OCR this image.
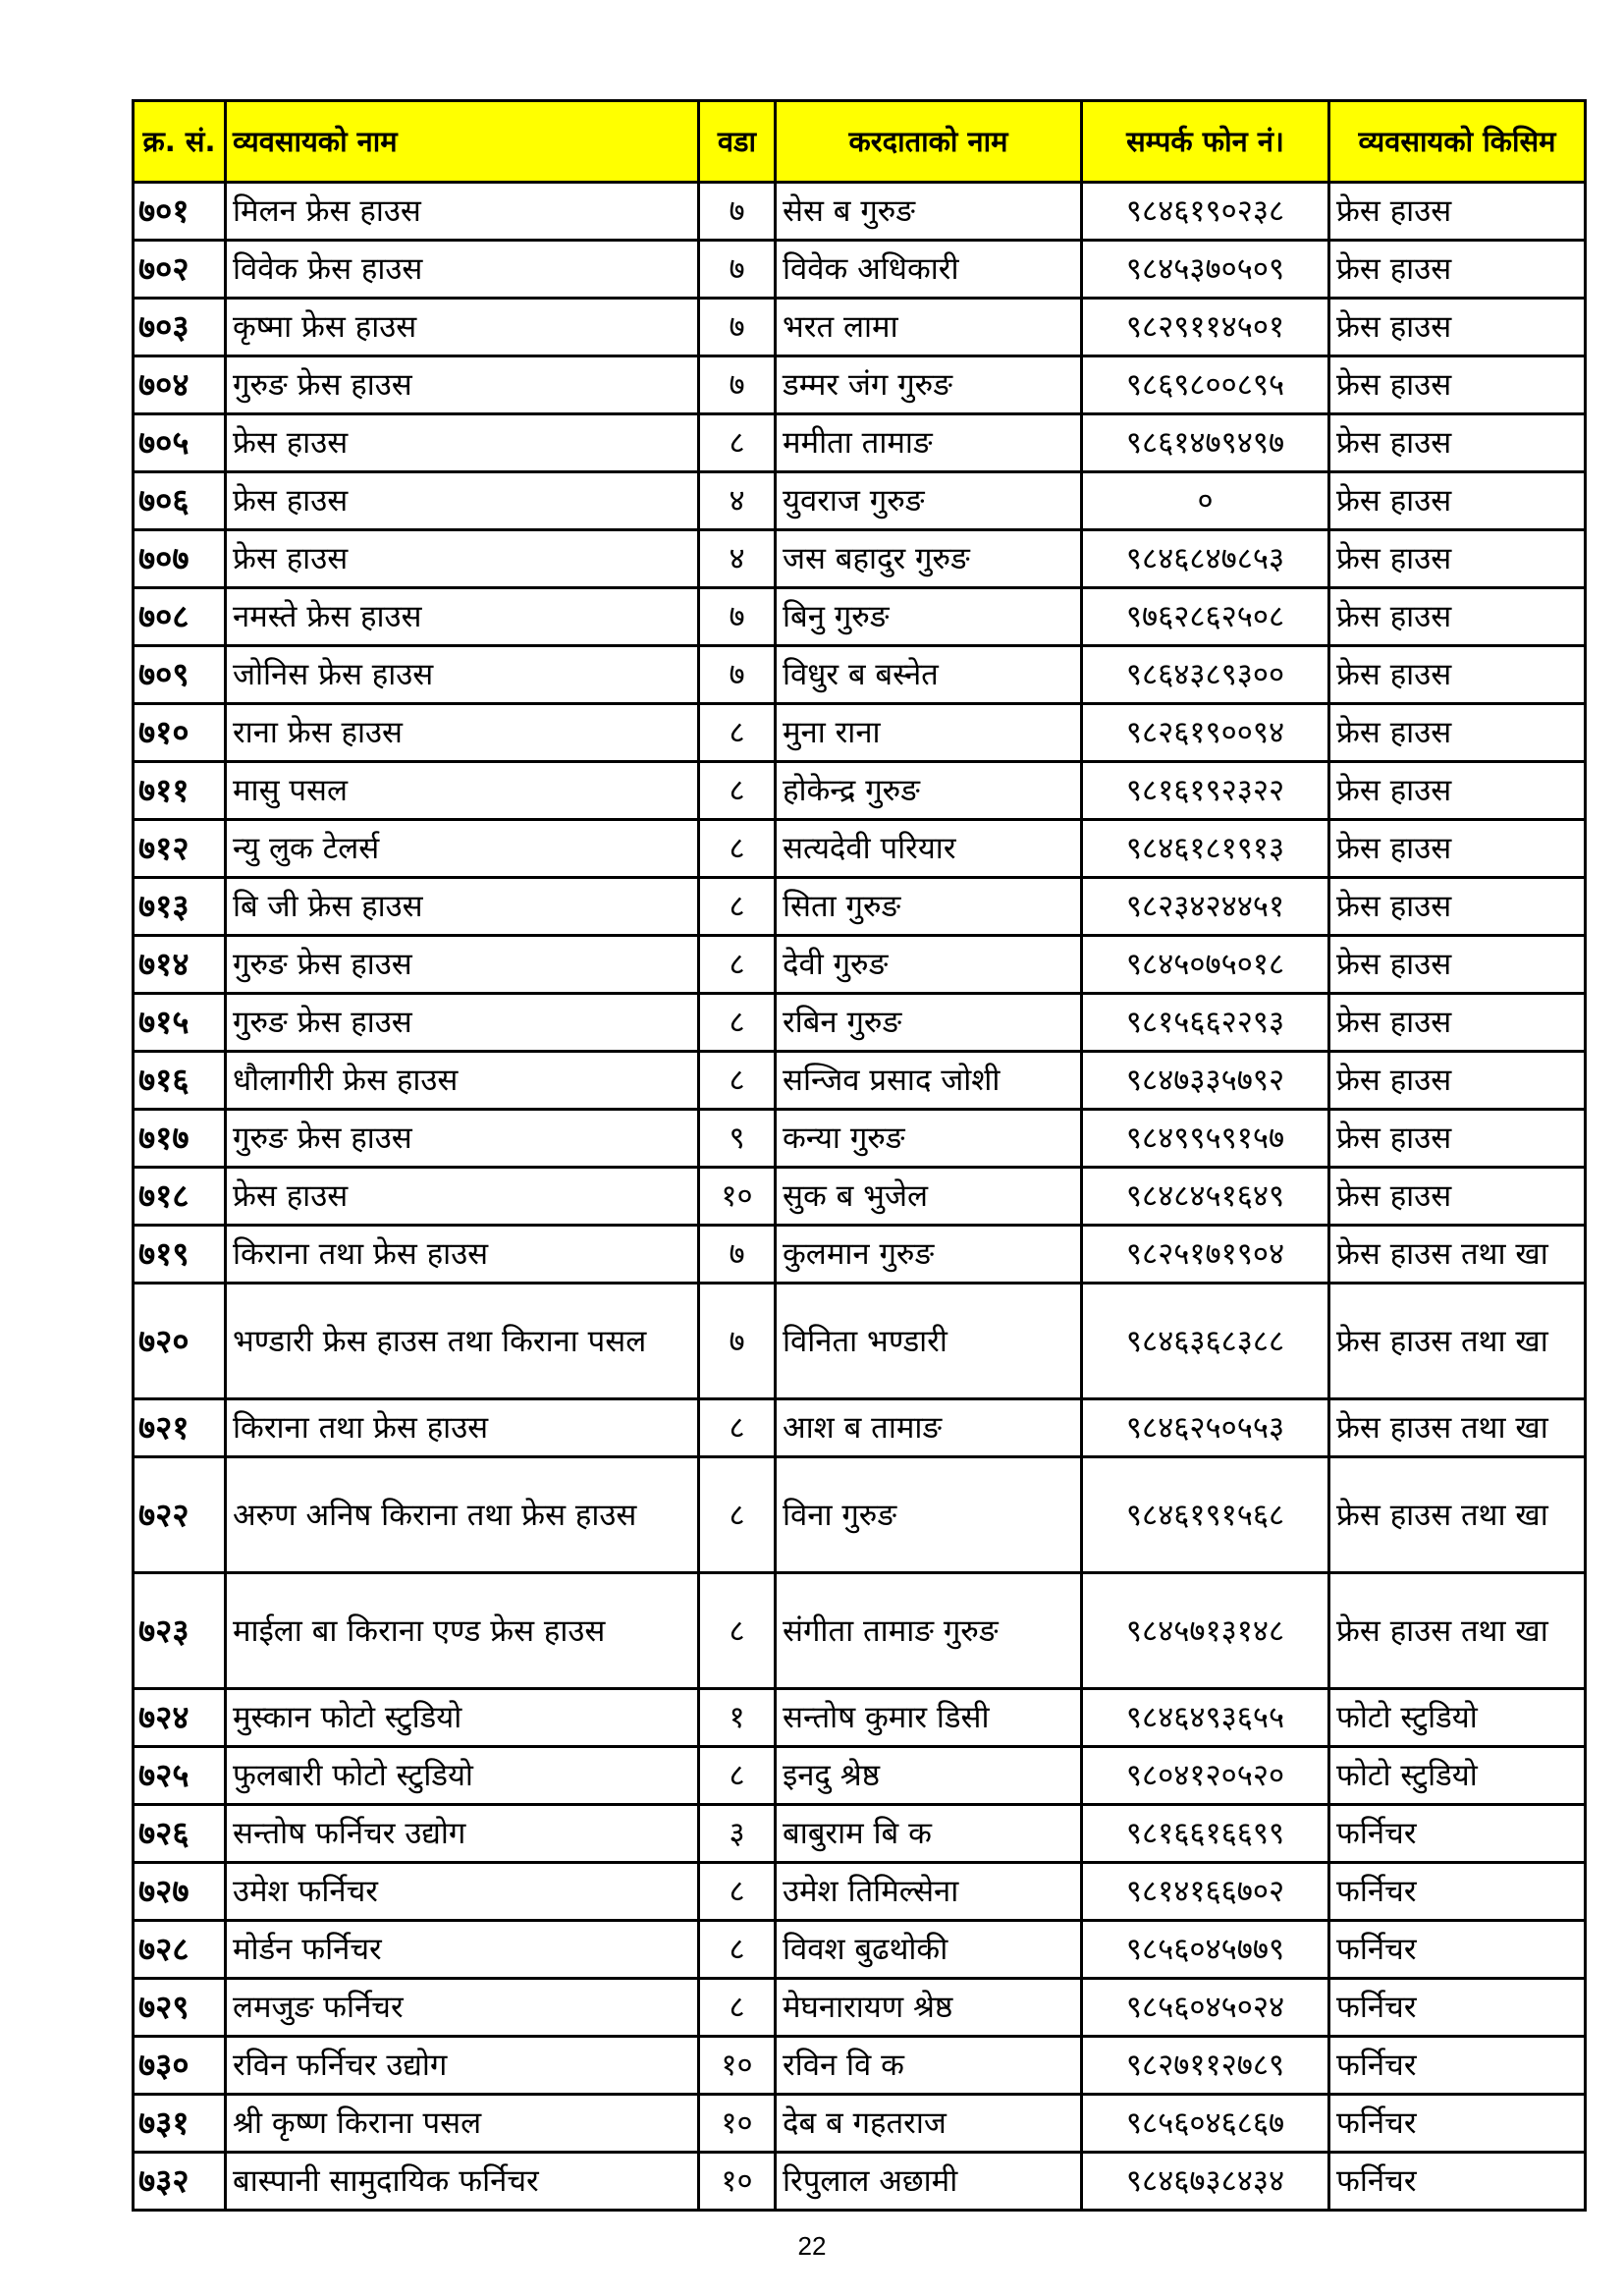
क्र. सं.	व्यवसायको नाम	वडा	करदाताको नाम	सम्पर्क फोन नं।	व्यवसायको किसिम
७०१	मिलन फ्रेस हाउस	७	सेस ब गुरुङ	९८४६१९०२३८	फ्रेस हाउस
७०२	विवेक फ्रेस हाउस	७	विवेक अधिकारी	९८४५३७०५०९	फ्रेस हाउस
७०३	कृष्मा फ्रेस हाउस	७	भरत लामा	९८२९११४५०१	फ्रेस हाउस
७०४	गुरुङ फ्रेस हाउस	७	डम्मर जंग गुरुङ	९८६९८००८९५	फ्रेस हाउस
७०५	फ्रेस हाउस	८	ममीता तामाङ	९८६१४७९४९७	फ्रेस हाउस
७०६	फ्रेस हाउस	४	युवराज गुरुङ	०	फ्रेस हाउस
७०७	फ्रेस हाउस	४	जस बहादुर गुरुङ	९८४६८४७८५३	फ्रेस हाउस
७०८	नमस्ते फ्रेस हाउस	७	बिनु गुरुङ	९७६२८६२५०८	फ्रेस हाउस
७०९	जोनिस फ्रेस हाउस	७	विधुर ब बस्नेत	९८६४३८९३००	फ्रेस हाउस
७१०	राना फ्रेस हाउस	८	मुना राना	९८२६१९००९४	फ्रेस हाउस
७११	मासु पसल	८	होकेन्द्र गुरुङ	९८१६१९२३२२	फ्रेस हाउस
७१२	न्यु लुक टेलर्स	८	सत्यदेवी परियार	९८४६१८१९१३	फ्रेस हाउस
७१३	बि जी फ्रेस हाउस	८	सिता गुरुङ	९८२३४२४४५१	फ्रेस हाउस
७१४	गुरुङ फ्रेस हाउस	८	देवी गुरुङ	९८४५०७५०१८	फ्रेस हाउस
७१५	गुरुङ फ्रेस हाउस	८	रबिन गुरुङ	९८१५६६२२९३	फ्रेस हाउस
७१६	धौलागीरी फ्रेस हाउस	८	सन्जिव प्रसाद जोशी	९८४७३३५७९२	फ्रेस हाउस
७१७	गुरुङ फ्रेस हाउस	९	कन्या गुरुङ	९८४९९५९१५७	फ्रेस हाउस
७१८	फ्रेस हाउस	१०	सुक ब भुजेल	९८४८४५१६४९	फ्रेस हाउस
७१९	किराना तथा फ्रेस हाउस	७	कुलमान गुरुङ	९८२५१७१९०४	फ्रेस हाउस तथा खा
७२०	भण्डारी फ्रेस हाउस तथा किराना पसल	७	विनिता भण्डारी	९८४६३६८३८८	फ्रेस हाउस तथा खा
७२१	किराना तथा फ्रेस हाउस	८	आश ब तामाङ	९८४६२५०५५३	फ्रेस हाउस तथा खा
७२२	अरुण अनिष किराना तथा फ्रेस हाउस	८	विना गुरुङ	९८४६१९१५६८	फ्रेस हाउस तथा खा
७२३	माईला बा किराना एण्ड फ्रेस हाउस	८	संगीता तामाङ गुरुङ	९८४५७१३१४८	फ्रेस हाउस तथा खा
७२४	मुस्कान फोटो स्टुडियो	१	सन्तोष कुमार डिसी	९८४६४९३६५५	फोटो स्टुडियो
७२५	फुलबारी फोटो स्टुडियो	८	इनदु श्रेष्ठ	९८०४१२०५२०	फोटो स्टुडियो
७२६	सन्तोष फर्निचर उद्योग	३	बाबुराम बि क	९८१६६१६६९९	फर्निचर
७२७	उमेश फर्निचर	८	उमेश तिमिल्सेना	९८१४१६६७०२	फर्निचर
७२८	मोर्डन फर्निचर	८	विवश बुढथोकी	९८५६०४५७७९	फर्निचर
७२९	लमजुङ फर्निचर	८	मेघनारायण श्रेष्ठ	९८५६०४५०२४	फर्निचर
७३०	रविन फर्निचर उद्योग	१०	रविन वि क	९८२७११२७८९	फर्निचर
७३१	श्री कृष्ण किराना पसल	१०	देब ब गहतराज	९८५६०४६८६७	फर्निचर
७३२	बास्पानी सामुदायिक फर्निचर	१०	रिपुलाल अछामी	९८४६७३८४३४	फर्निचर
22
